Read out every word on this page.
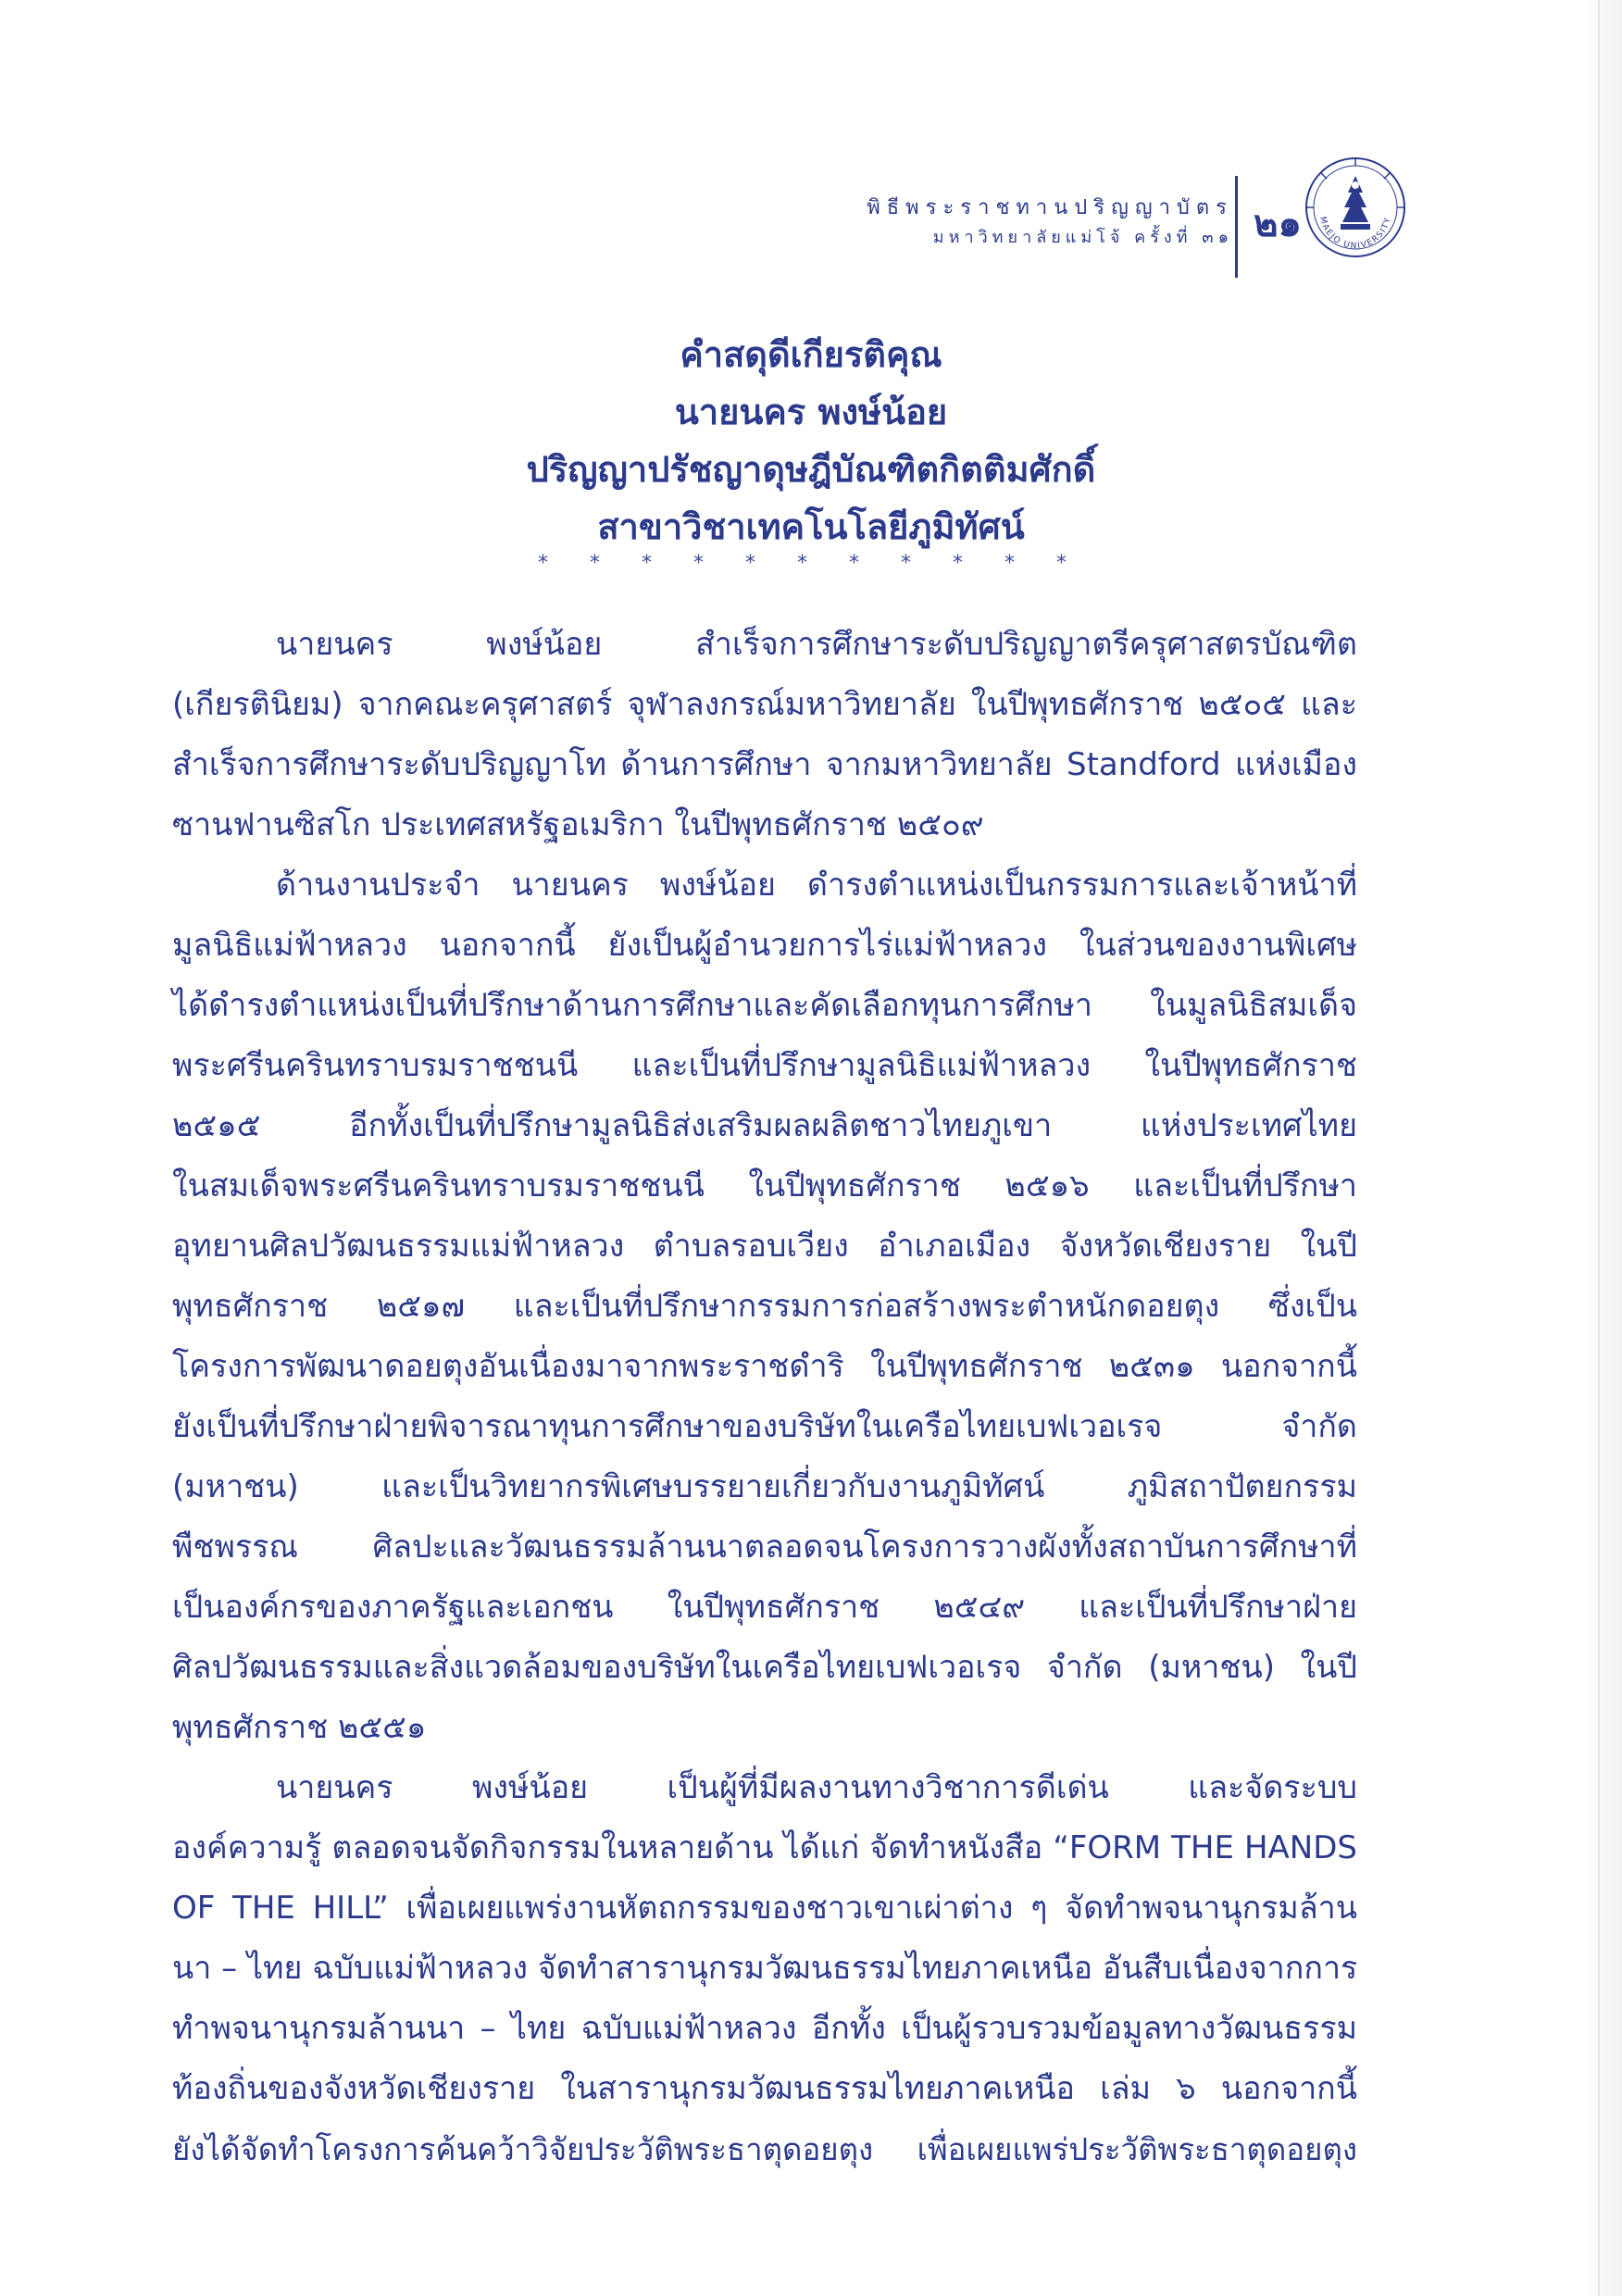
พิธีพระราชทานปริญญาบัตร
มหาวิทยาลัยแม่โจ้ ครั้งที่ ๓๑ ๒๑	MAEJO UNIVERSITY
คำสดุดีเกียรติคุณ
นายนคร พงษ์น้อย
ปริญญาปรัชญาดุษฎีบัณฑิตกิตติมศักดิ์
สาขาวิชาเทคโนโลยีภูมิทัศน์
* * * * * * * * * * *

นายนคร พงษ์น้อย สำเร็จการศึกษาระดับปริญญาตรีครุศาสตรบัณฑิต
(เกียรตินิยม) จากคณะครุศาสตร์ จุฬาลงกรณ์มหาวิทยาลัย ในปีพุทธศักราช ๒๕๐๕ และ
สำเร็จการศึกษาระดับปริญญาโท ด้านการศึกษา จากมหาวิทยาลัย Standford แห่งเมือง
ซานฟานซิสโก ประเทศสหรัฐอเมริกา ในปีพุทธศักราช ๒๕๐๙

ด้านงานประจำ นายนคร พงษ์น้อย ดำรงตำแหน่งเป็นกรรมการและเจ้าหน้าที่
มูลนิธิแม่ฟ้าหลวง นอกจากนี้ ยังเป็นผู้อำนวยการไร่แม่ฟ้าหลวง ในส่วนของงานพิเศษ
ได้ดำรงตำแหน่งเป็นที่ปรึกษาด้านการศึกษาและคัดเลือกทุนการศึกษา ในมูลนิธิสมเด็จ
พระศรีนครินทราบรมราชชนนี และเป็นที่ปรึกษามูลนิธิแม่ฟ้าหลวง ในปีพุทธศักราช
๒๕๑๕ อีกทั้งเป็นที่ปรึกษามูลนิธิส่งเสริมผลผลิตชาวไทยภูเขา แห่งประเทศไทย
ในสมเด็จพระศรีนครินทราบรมราชชนนี ในปีพุทธศักราช ๒๕๑๖ และเป็นที่ปรึกษา
อุทยานศิลปวัฒนธรรมแม่ฟ้าหลวง ตำบลรอบเวียง อำเภอเมือง จังหวัดเชียงราย ในปี
พุทธศักราช ๒๕๑๗ และเป็นที่ปรึกษากรรมการก่อสร้างพระตำหนักดอยตุง ซึ่งเป็น
โครงการพัฒนาดอยตุงอันเนื่องมาจากพระราชดำริ ในปีพุทธศักราช ๒๕๓๑ นอกจากนี้
ยังเป็นที่ปรึกษาฝ่ายพิจารณาทุนการศึกษาของบริษัทในเครือไทยเบฟเวอเรจ จำกัด
(มหาชน) และเป็นวิทยากรพิเศษบรรยายเกี่ยวกับงานภูมิทัศน์ ภูมิสถาปัตยกรรม
พืชพรรณ ศิลปะและวัฒนธรรมล้านนาตลอดจนโครงการวางผังทั้งสถาบันการศึกษาที่
เป็นองค์กรของภาครัฐและเอกชน ในปีพุทธศักราช ๒๕๔๙ และเป็นที่ปรึกษาฝ่าย
ศิลปวัฒนธรรมและสิ่งแวดล้อมของบริษัทในเครือไทยเบฟเวอเรจ จำกัด (มหาชน) ในปี
พุทธศักราช ๒๕๕๑

นายนคร พงษ์น้อย เป็นผู้ที่มีผลงานทางวิชาการดีเด่น และจัดระบบ
องค์ความรู้ ตลอดจนจัดกิจกรรมในหลายด้าน ได้แก่ จัดทำหนังสือ “FORM THE HANDS
OF THE HILL” เพื่อเผยแพร่งานหัตถกรรมของชาวเขาเผ่าต่าง ๆ จัดทำพจนานุกรมล้าน
นา – ไทย ฉบับแม่ฟ้าหลวง จัดทำสารานุกรมวัฒนธรรมไทยภาคเหนือ อันสืบเนื่องจากการ
ทำพจนานุกรมล้านนา – ไทย ฉบับแม่ฟ้าหลวง อีกทั้ง เป็นผู้รวบรวมข้อมูลทางวัฒนธรรม
ท้องถิ่นของจังหวัดเชียงราย ในสารานุกรมวัฒนธรรมไทยภาคเหนือ เล่ม ๖ นอกจากนี้
ยังได้จัดทำโครงการค้นคว้าวิจัยประวัติพระธาตุดอยตุง เพื่อเผยแพร่ประวัติพระธาตุดอยตุง
